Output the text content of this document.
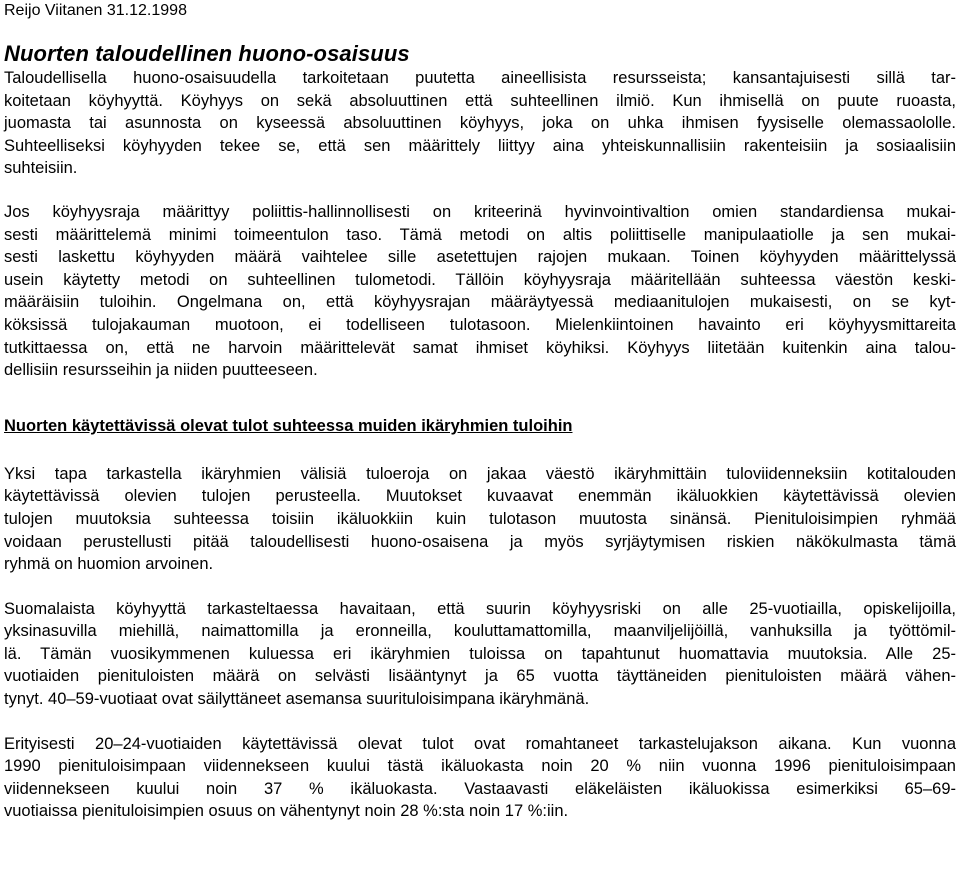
Reijo Viitanen 31.12.1998
Nuorten taloudellinen huono-osaisuus
Taloudellisella huono-osaisuudella tarkoitetaan puutetta aineellisista resursseista; kansantajuisesti sillä tar-
koitetaan köyhyyttä. Köyhyys on sekä absoluuttinen että suhteellinen ilmiö. Kun ihmisellä on puute ruoasta,
juomasta tai asunnosta on kyseessä absoluuttinen köyhyys, joka on uhka ihmisen fyysiselle olemassaololle.
Suhteelliseksi köyhyyden tekee se, että sen määrittely liittyy aina yhteiskunnallisiin rakenteisiin ja sosiaalisiin
suhteisiin.
Jos köyhyysraja määrittyy poliittis-hallinnollisesti on kriteerinä hyvinvointivaltion omien standardiensa mukai-
sesti määrittelemä minimi toimeentulon taso. Tämä metodi on altis poliittiselle manipulaatiolle ja sen mukai-
sesti laskettu köyhyyden määrä vaihtelee sille asetettujen rajojen mukaan. Toinen köyhyyden määrittelyssä
usein käytetty metodi on suhteellinen tulometodi. Tällöin köyhyysraja määritellään suhteessa väestön keski-
määräisiin tuloihin. Ongelmana on, että köyhyysrajan määräytyessä mediaanitulojen mukaisesti, on se kyt-
köksissä tulojakauman muotoon, ei todelliseen tulotasoon. Mielenkiintoinen havainto eri köyhyysmittareita
tutkittaessa on, että ne harvoin määrittelevät samat ihmiset köyhiksi. Köyhyys liitetään kuitenkin aina talou-
dellisiin resursseihin ja niiden puutteeseen.
Nuorten käytettävissä olevat tulot suhteessa muiden ikäryhmien tuloihin
Yksi tapa tarkastella ikäryhmien välisiä tuloeroja on jakaa väestö ikäryhmittäin tuloviidenneksiin kotitalouden
käytettävissä olevien tulojen perusteella. Muutokset kuvaavat enemmän ikäluokkien käytettävissä olevien
tulojen muutoksia suhteessa toisiin ikäluokkiin kuin tulotason muutosta sinänsä. Pienituloisimpien ryhmää
voidaan perustellusti pitää taloudellisesti huono-osaisena ja myös syrjäytymisen riskien näkökulmasta tämä
ryhmä on huomion arvoinen.
Suomalaista köyhyyttä tarkasteltaessa havaitaan, että suurin köyhyysriski on alle 25-vuotiailla, opiskelijoilla,
yksinasuvilla miehillä, naimattomilla ja eronneilla, kouluttamattomilla, maanviljelijöillä, vanhuksilla ja työttömil-
lä. Tämän vuosikymmenen kuluessa eri ikäryhmien tuloissa on tapahtunut huomattavia muutoksia. Alle 25-
vuotiaiden pienituloisten määrä on selvästi lisääntynyt ja 65 vuotta täyttäneiden pienituloisten määrä vähen-
tynyt. 40–59-vuotiaat ovat säilyttäneet asemansa suurituloisimpana ikäryhmänä.
Erityisesti 20–24-vuotiaiden käytettävissä olevat tulot ovat romahtaneet tarkastelujakson aikana. Kun vuonna
1990 pienituloisimpaan viidennekseen kuului tästä ikäluokasta noin 20 % niin vuonna 1996 pienituloisimpaan
viidennekseen kuului noin 37 % ikäluokasta. Vastaavasti eläkeläisten ikäluokissa esimerkiksi 65–69-
vuotiaissa pienituloisimpien osuus on vähentynyt noin 28 %:sta noin 17 %:iin.
